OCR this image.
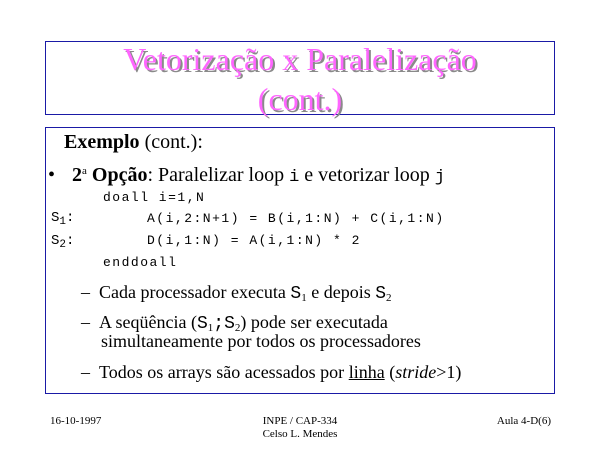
Vetorização x Paralelização
(cont.)
Exemplo (cont.):
• 2$^a$ Opção: Paralelizar loop i e vetorizar loop j
doall i=1,N
$S_1$:	A(i,2:N+1) = B(i,1:N) + C(i,1:N)
$S_2$:	D(i,1:N) = A(i,1:N) * 2
enddoall
– Cada processador executa $S_1$ e depois $S_2$
– A seqüência $(S_1;S_2)$ pode ser executada
simultaneamente por todos os processadores
– Todos os arrays são acessados por linha (stride>1)
16-10-1997	INPE / CAP-334
Celso L. Mendes
Aula 4-D(6)
